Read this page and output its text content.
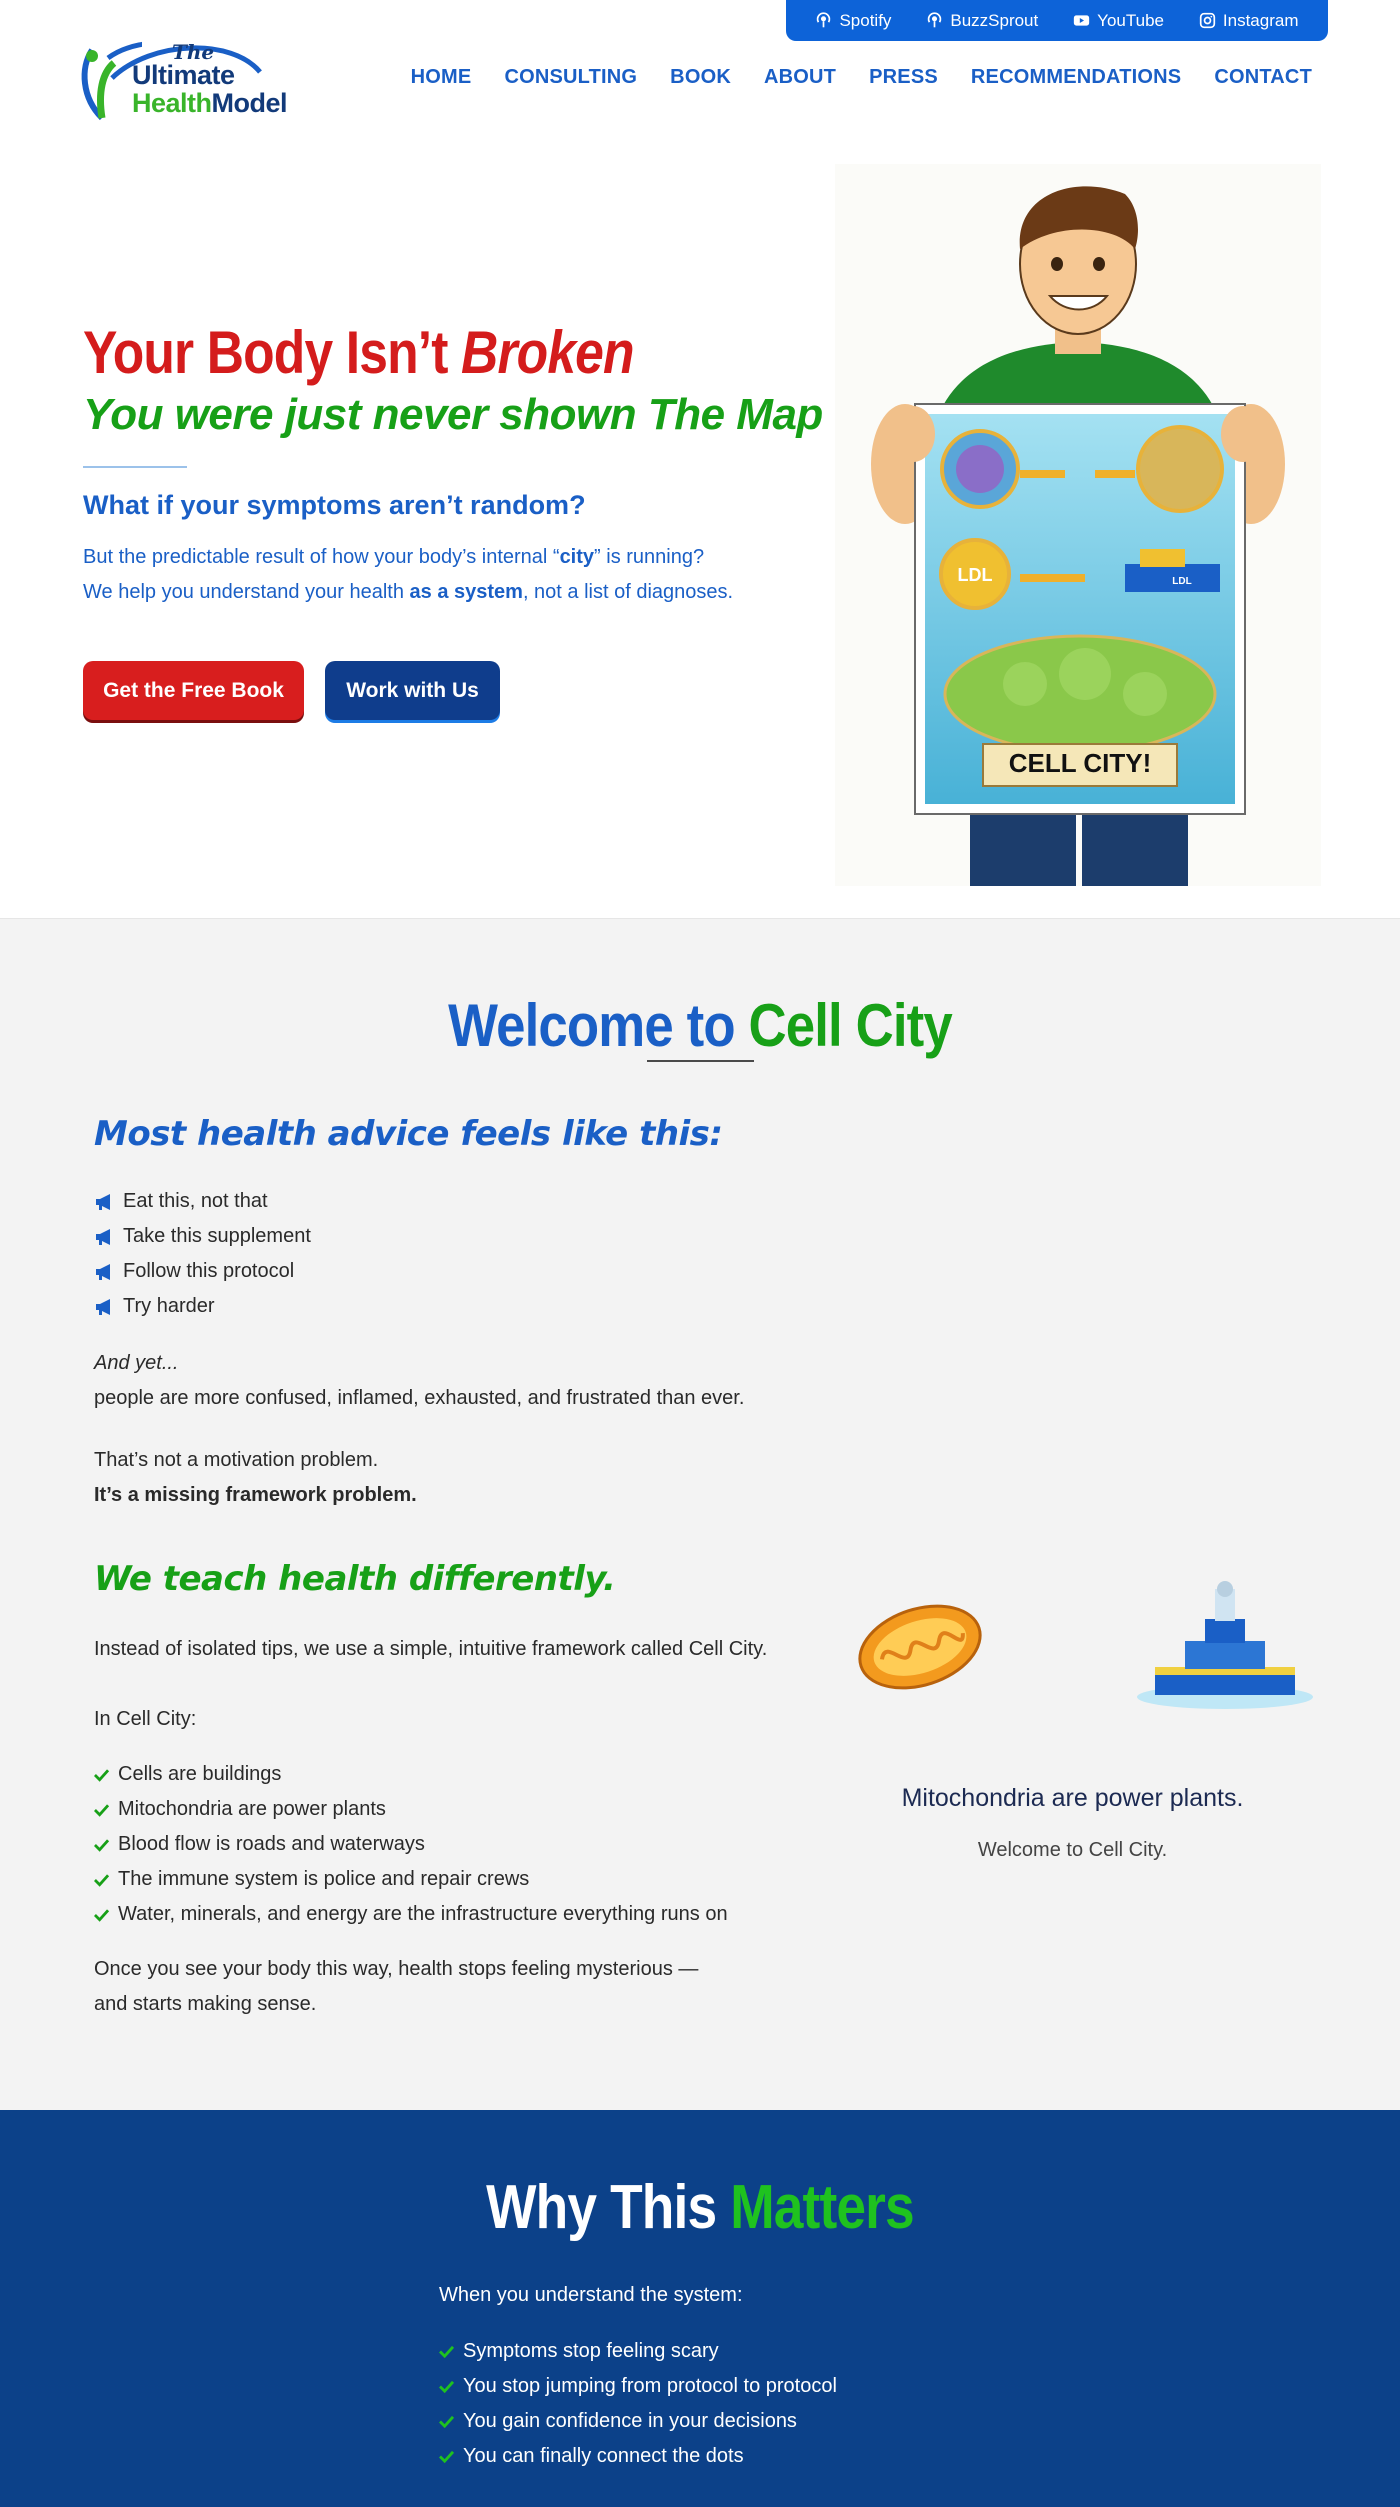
Spotify	BuzzSprout	YouTube	Instagram
The
Ultimate
HealthModel
HOME CONSULTING BOOK ABOUT PRESS RECOMMENDATIONS CONTACT
Your Body Isn’t Broken
You were just never shown The Map
What if your symptoms aren’t random?
But the predictable result of how your body’s internal “city” is running?
We help you understand your health as a system, not a list of diagnoses.
Get the Free Book	Work with Us
LDL	LDL
CELL CITY!
Welcome to Cell City
Most health advice feels like this:
Eat this, not that
Take this supplement
Follow this protocol
Try harder
And yet...
people are more confused, inflamed, exhausted, and frustrated than ever.
That’s not a motivation problem.
It’s a missing framework problem.
We teach health differently.
Instead of isolated tips, we use a simple, intuitive framework called Cell City.
In Cell City:
Cells are buildings
Mitochondria are power plants
Blood flow is roads and waterways
The immune system is police and repair crews
Water, minerals, and energy are the infrastructure everything runs on
Once you see your body this way, health stops feeling mysterious —
and starts making sense.
Mitochondria are power plants.
Welcome to Cell City.
Why This Matters
When you understand the system:
Symptoms stop feeling scary
You stop jumping from protocol to protocol
You gain confidence in your decisions
You can finally connect the dots
